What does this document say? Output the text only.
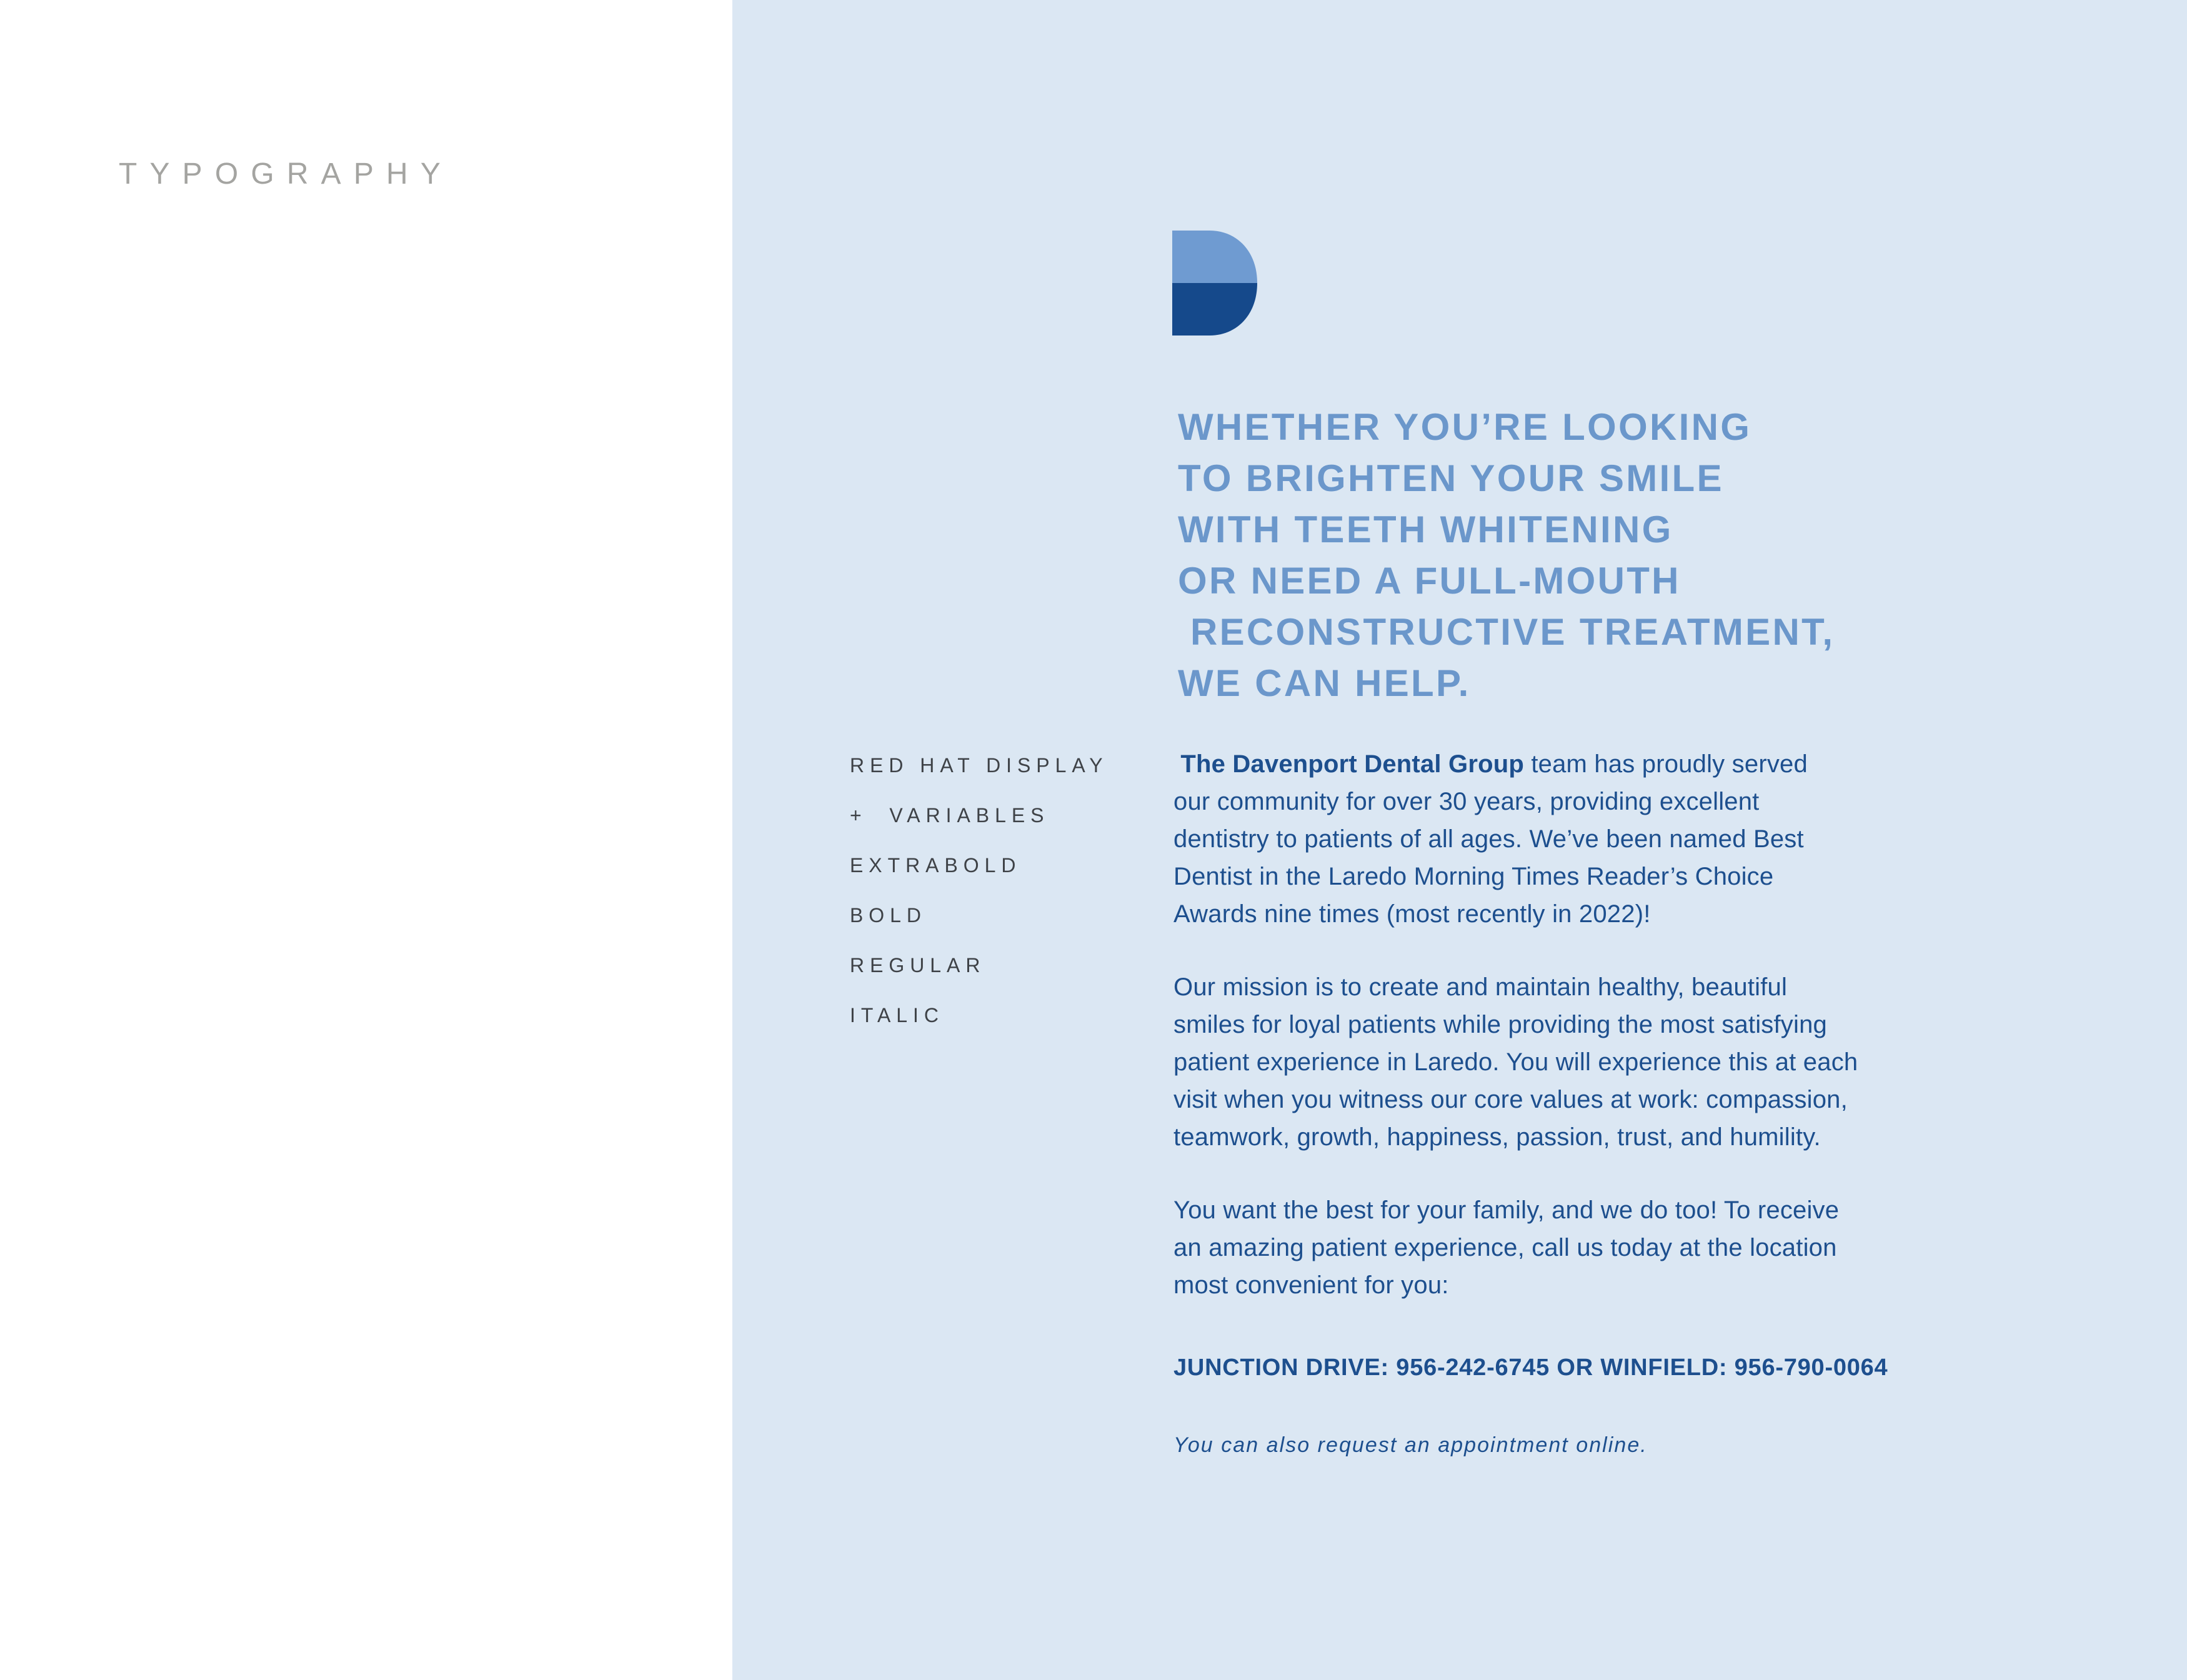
TYPOGRAPHY
WHETHER YOU’RE LOOKING
TO BRIGHTEN YOUR SMILE
WITH TEETH WHITENING
OR NEED A FULL-MOUTH
RECONSTRUCTIVE TREATMENT,
WE CAN HELP.
RED HAT DISPLAY
+  VARIABLES
EXTRABOLD
BOLD
REGULAR
ITALIC
The Davenport Dental Group team has proudly served
our community for over 30 years, providing excellent
dentistry to patients of all ages. We’ve been named Best
Dentist in the Laredo Morning Times Reader’s Choice
Awards nine times (most recently in 2022)!
Our mission is to create and maintain healthy, beautiful
smiles for loyal patients while providing the most satisfying
patient experience in Laredo. You will experience this at each
visit when you witness our core values at work: compassion,
teamwork, growth, happiness, passion, trust, and humility.
You want the best for your family, and we do too! To receive
an amazing patient experience, call us today at the location
most convenient for you:
JUNCTION DRIVE: 956-242-6745 OR WINFIELD: 956-790-0064
You can also request an appointment online.
